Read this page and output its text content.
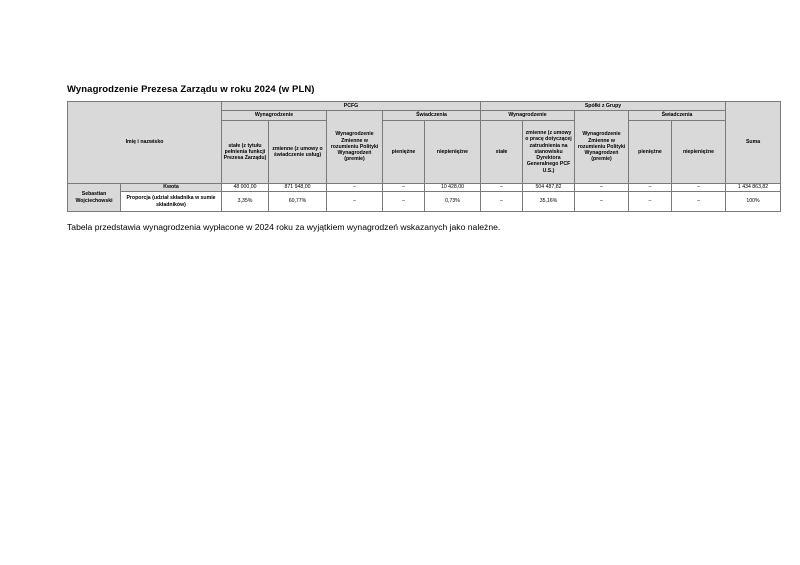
Wynagrodzenie Prezesa Zarządu w roku 2024 (w PLN)
Imię i nazwisko		PCFG					Spółki z Grupy					Suma
		Wynagrodzenie		Wynagrodzenie Zmienne w rozumieniu Polityki Wynagrodzeń (premie)	Świadczenia		Wynagrodzenie		Wynagrodzenie Zmienne w rozumieniu Polityki Wynagrodzeń (premie)	Świadczenia		
		stałe (z tytułu pełnienia funkcji Prezesa Zarządu)	zmienne (z umowy o świadczenie usług)		pieniężne	niepieniężne	stałe	zmienne (z umowy o pracę dotyczącej zatrudnienia na stanowisku Dyrektora Generalnego PCF U.S.)		pieniężne	niepieniężne	
Sebastian Wojciechowski	Kwota	48 000,00	871 948,00	–	–	10 428,00	–	504 487,82	–	–	–	1 434 863,82
	Proporcja (udział składnika w sumie składników)	3,35%	60,77%	–	–	0,73%	–	35,16%	–	–	–	100%
Tabela przedstawia wynagrodzenia wypłacone w 2024 roku za wyjątkiem wynagrodzeń wskazanych jako należne.
